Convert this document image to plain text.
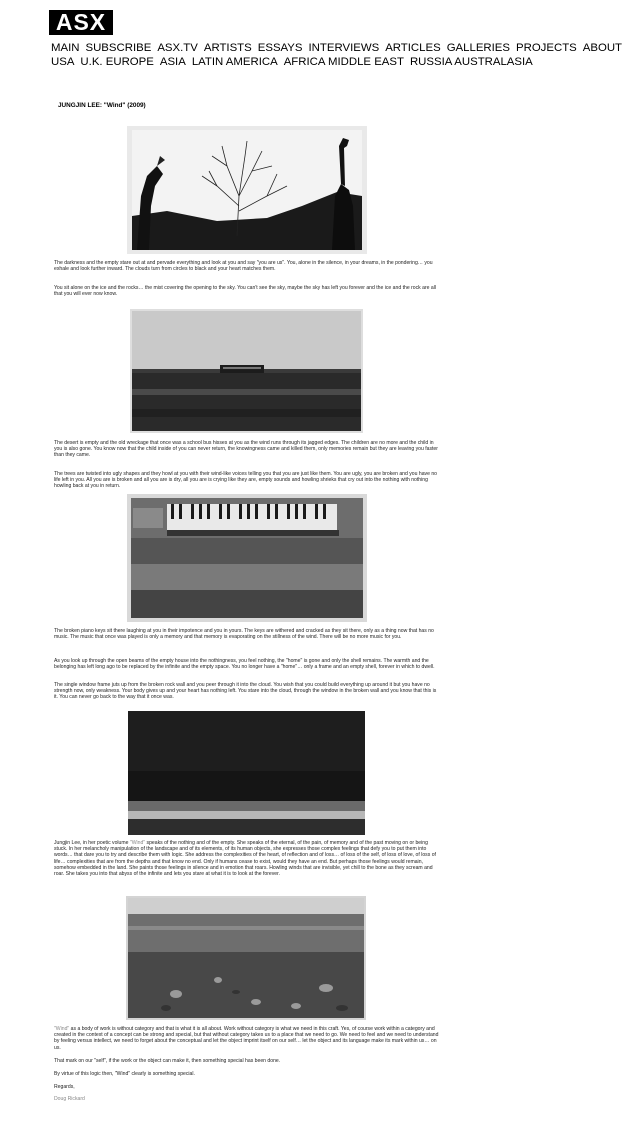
ASX
MAIN SUBSCRIBE ASX.TV ARTISTS ESSAYS INTERVIEWS ARTICLES GALLERIES PROJECTS ABOUT
USA U.K. EUROPE ASIA LATIN AMERICA AFRICA MIDDLE EAST RUSSIA AUSTRALASIA
JUNGJIN LEE: "Wind" (2009)

The darkness and the empty stare out at and pervade everything and look at you and say "you are us". You, alone in the silence, in your dreams, in the pondering… you exhale and look further inward. The clouds turn from circles to black and your heart matches them.

You sit alone on the ice and the rocks… the mist covering the opening to the sky. You can't see the sky, maybe the sky has left you forever and the ice and the rock are all that you will ever now know.

The desert is empty and the old wreckage that once was a school bus hisses at you as the wind runs through its jagged edges. The children are no more and the child in you is also gone. You know now that the child inside of you can never return, the knowingness came and killed them, only memories remain but they are leaving you faster than they came.

The trees are twisted into ugly shapes and they howl at you with their wind-like voices telling you that you are just like them. You are ugly, you are broken and you have no life left in you. All you are is broken and all you are is dry, all you are is crying like they are, empty sounds and howling shrieks that cry out into the nothing with nothing howling back at you in return.

The broken piano keys sit there laughing at you in their impotence and you in yours. The keys are withered and cracked as they sit there, only as a thing now that has no music. The music that once was played is only a memory and that memory is evaporating on the stillness of the wind. There will be no more music for you.

As you look up through the open beams of the empty house into the nothingness, you feel nothing, the "home" is gone and only the shell remains. The warmth and the belonging has left long ago to be replaced by the infinite and the empty space. You no longer have a "home"… only a frame and an empty shell, forever in which to dwell.

The single window frame juts up from the broken rock wall and you peer through it into the cloud. You wish that you could build everything up around it but you have no strength now, only weakness. Your body gives up and your heart has nothing left. You stare into the cloud, through the window in the broken wall and you know that this is it. You can never go back to the way that it once was.

Jungjin Lee, in her poetic volume "Wind" speaks of the nothing and of the empty. She speaks of the eternal, of the pain, of memory and of the past moving on or being stuck. In her melancholy manipulation of the landscape and of its elements, of its human objects, she expresses those complex feelings that defy you to put them into words… that dare you to try and describe them with logic. She address the complexities of the heart, of reflection and of loss… of loss of the self, of loss of love, of loss of life… complexities that are from the depths and that know no end. Only if humans cease to exist, would they have an end. But perhaps those feelings would remain, somehow embedded in the land. She paints those feelings in silence and in emotion that roars. Howling winds that are invisible, yet chill to the bone as they scream and roar. She takes you into that abyss of the infinite and lets you stare at what it is to look at the forever.

"Wind" as a body of work is without category and that is what it is all about. Work without category is what we need in this craft. Yes, of course work within a category and created in the context of a concept can be strong and special, but that without category takes us to a place that we need to go. We need to feel and we need to understand by feeling versus intellect, we need to forget about the conceptual and let the object imprint itself on our self… let the object and its language make its mark within us… on us.

That mark on our "self", if the work or the object can make it, then something special has been done.

By virtue of this logic then, "Wind" clearly is something special.

Regards,

Doug Rickard
